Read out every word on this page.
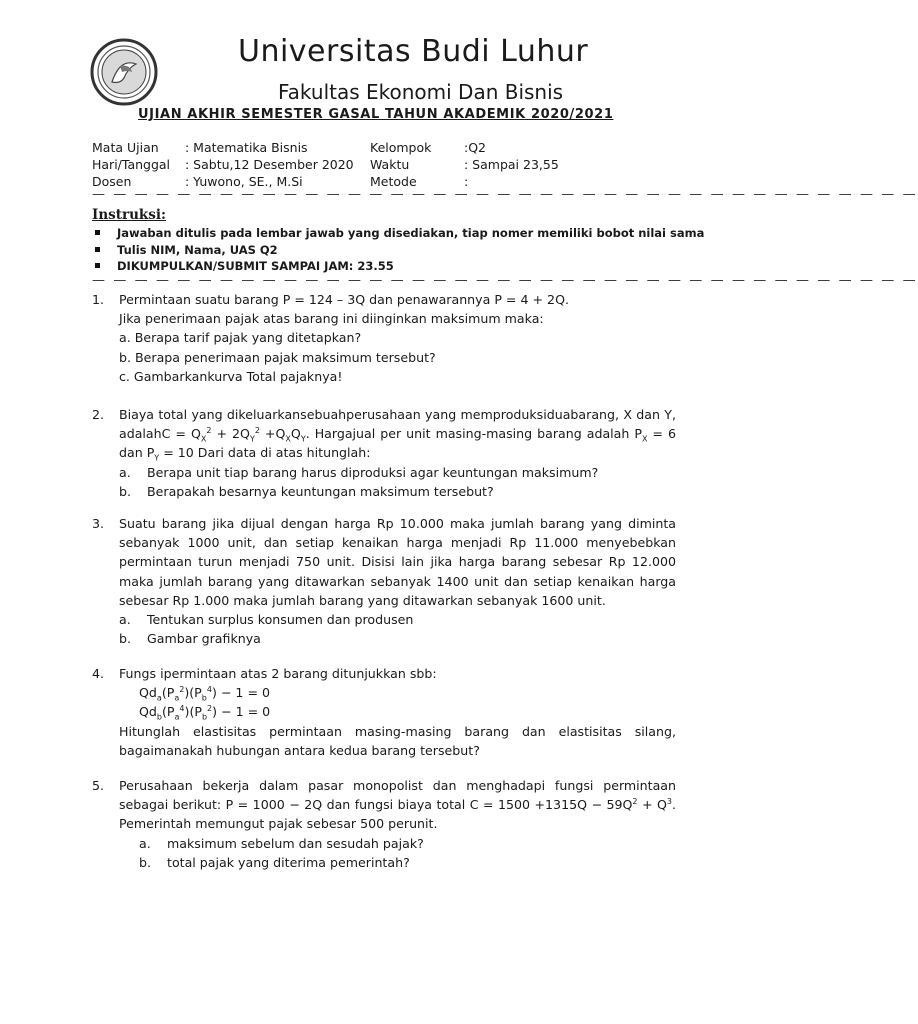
Universitas Budi Luhur
Fakultas Ekonomi Dan Bisnis
UJIAN AKHIR SEMESTER GASAL TAHUN AKADEMIK 2020/2021
Mata Ujian : Matematika Bisnis	Kelompok	:Q2
Hari/Tanggal : Sabtu,12 Desember 2020 Waktu	: Sampai 23,55
Dosen	: Yuwono, SE., M.Si	Metode	:
— — — — — — — — — — — — — — — — — — — — — — — — — — — — — — — — — — — — — — —
Instruksi:
Jawaban ditulis pada lembar jawab yang disediakan, tiap nomer memiliki bobot nilai sama
Tulis NIM, Nama, UAS Q2
DIKUMPULKAN/SUBMIT SAMPAI JAM: 23.55
— — — — — — — — — — — — — — — — — — — — — — — — — — — — — — — — — — — — — — —
1. Permintaan suatu barang P = 124 – 3Q dan penawarannya P = 4 + 2Q.

Jika penerimaan pajak atas barang ini diinginkan maksimum maka:

a. Berapa tarif pajak yang ditetapkan?

b. Berapa penerimaan pajak maksimum tersebut?

c. Gambarkankurva Total pajaknya!

2. Biaya total yang dikeluarkansebuahperusahaan yang memproduksiduabarang, X dan Y, adalahC = $Q_X^2 + 2Q_Y^2 +Q_XQ_Y$. Hargajual per unit masing-masing barang adalah $P_X = 6$ dan $P_Y = 10$ Dari data di atas hitunglah:

a. Berapa unit tiap barang harus diproduksi agar keuntungan maksimum?

b. Berapakah besarnya keuntungan maksimum tersebut?

3. Suatu barang jika dijual dengan harga Rp 10.000 maka jumlah barang yang diminta sebanyak 1000 unit, dan setiap kenaikan harga menjadi Rp 11.000 menyebebkan permintaan turun menjadi 750 unit. Disisi lain jika harga barang sebesar Rp 12.000 maka jumlah barang yang ditawarkan sebanyak 1400 unit dan setiap kenaikan harga sebesar Rp 1.000 maka jumlah barang yang ditawarkan sebanyak 1600 unit.

a. Tentukan surplus konsumen dan produsen

b. Gambar grafiknya

4. Fungs ipermintaan atas 2 barang ditunjukkan sbb:

$Qd_a(P_a^2)(P_b^4) - 1 = 0$

$Qd_b(P_a^4)(P_b^2) - 1 = 0$

Hitunglah elastisitas permintaan masing-masing barang dan elastisitas silang, bagaimanakah hubungan antara kedua barang tersebut?

5. Perusahaan bekerja dalam pasar monopolist dan menghadapi fungsi permintaan sebagai berikut: P = 1000 − 2Q dan fungsi biaya total $C = 1500 +1315Q - 59Q^2 + Q^3$. Pemerintah memungut pajak sebesar 500 perunit.

a. maksimum sebelum dan sesudah pajak?

b. total pajak yang diterima pemerintah?
